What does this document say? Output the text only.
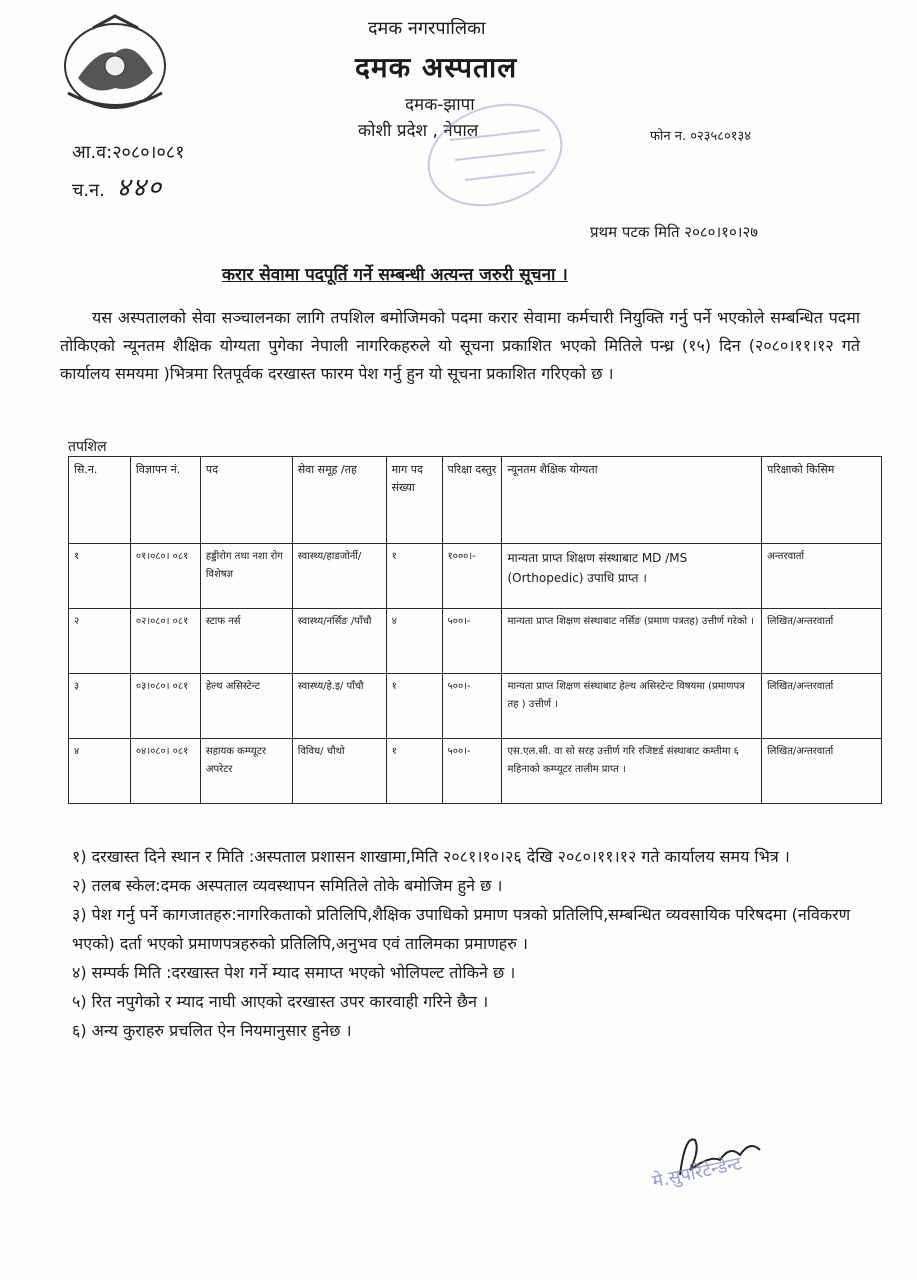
दमक नगरपालिका
दमक अस्पताल
दमक-झापा
कोशी प्रदेश , नेपाल
आ.व:२०८०।०८१
च.न. ४४०
फोन न. ०२३५८०१३४
प्रथम पटक मिति २०८०।१०।२७
करार सेवामा पदपूर्ति गर्ने सम्बन्धी अत्यन्त जरुरी सूचना ।
यस अस्पतालको सेवा सञ्चालनका लागि तपशिल बमोजिमको पदमा करार सेवामा कर्मचारी नियुक्ति गर्नु पर्ने भएकोले सम्बन्धित पदमा तोकिएको न्यूनतम शैक्षिक योग्यता पुगेका नेपाली नागरिकहरुले यो सूचना प्रकाशित भएको मितिले पन्ध्र (१५) दिन (२०८०।११।१२ गते कार्यालय समयमा )भित्रमा रितपूर्वक दरखास्त फारम पेश गर्नु हुन यो सूचना प्रकाशित गरिएको छ ।
तपशिल
सि.न.	विज्ञापन नं.	पद	सेवा समूह /तह	माग पद संख्या	परिक्षा दस्तुर	न्यूनतम शैक्षिक योग्यता	परिक्षाको किसिम
१	०१।०८०। ०८१	हड्डीरोग तथा नशा रोग विशेषज्ञ	स्वास्थ्य/हाडजोर्नी/	१	१०००।-	मान्यता प्राप्त शिक्षण संस्थाबाट MD /MS (Orthopedic) उपाधि प्राप्त ।	अन्तरवार्ता
२	०२।०८०। ०८१	स्टाफ नर्स	स्वास्थ्य/नर्सिङ /पाँचौ	४	५००।-	मान्यता प्राप्त शिक्षण संस्थाबाट नर्सिङ (प्रमाण पत्रतह) उत्तीर्ण गरेको ।	लिखित/अन्तरवार्ता
३	०३।०८०। ०८१	हेल्थ असिस्टेन्ट	स्वास्थ्य/हे.इ/ पाँचौ	१	५००।-	मान्यता प्राप्त शिक्षण संस्थाबाट हेल्थ असिस्टेन्ट विषयमा (प्रमाणपत्र तह ) उत्तीर्ण ।	लिखित/अन्तरवार्ता
४	०४।०८०। ०८१	सहायक कम्प्यूटर अपरेटर	विविध/ चौथो	१	५००।-	एस.एल.सी. वा सो सरह उत्तीर्ण गरि रजिष्टर्ड संस्थाबाट कम्तीमा ६ महिनाको कम्प्यूटर तालीम प्राप्त ।	लिखित/अन्तरवार्ता

१) दरखास्त दिने स्थान र मिति :अस्पताल प्रशासन शाखामा,मिति २०८१।१०।२६ देखि २०८०।११।१२ गते कार्यालय समय भित्र ।

२) तलब स्केल:दमक अस्पताल व्यवस्थापन समितिले तोके बमोजिम हुने छ ।

३) पेश गर्नु पर्ने कागजातहरु:नागरिकताको प्रतिलिपि,शैक्षिक उपाधिको प्रमाण पत्रको प्रतिलिपि,सम्बन्धित व्यवसायिक परिषदमा (नविकरण भएको) दर्ता भएको प्रमाणपत्रहरुको प्रतिलिपि,अनुभव एवं तालिमका प्रमाणहरु ।

४) सम्पर्क मिति :दरखास्त पेश गर्ने म्याद समाप्त भएको भोलिपल्ट तोकिने छ ।

५) रित नपुगेको र म्याद नाघी आएको दरखास्त उपर कारवाही गरिने छैन ।

६) अन्य कुराहरु प्रचलित ऐन नियमानुसार हुनेछ ।

मे.सुपरिटेन्डेन्ट
